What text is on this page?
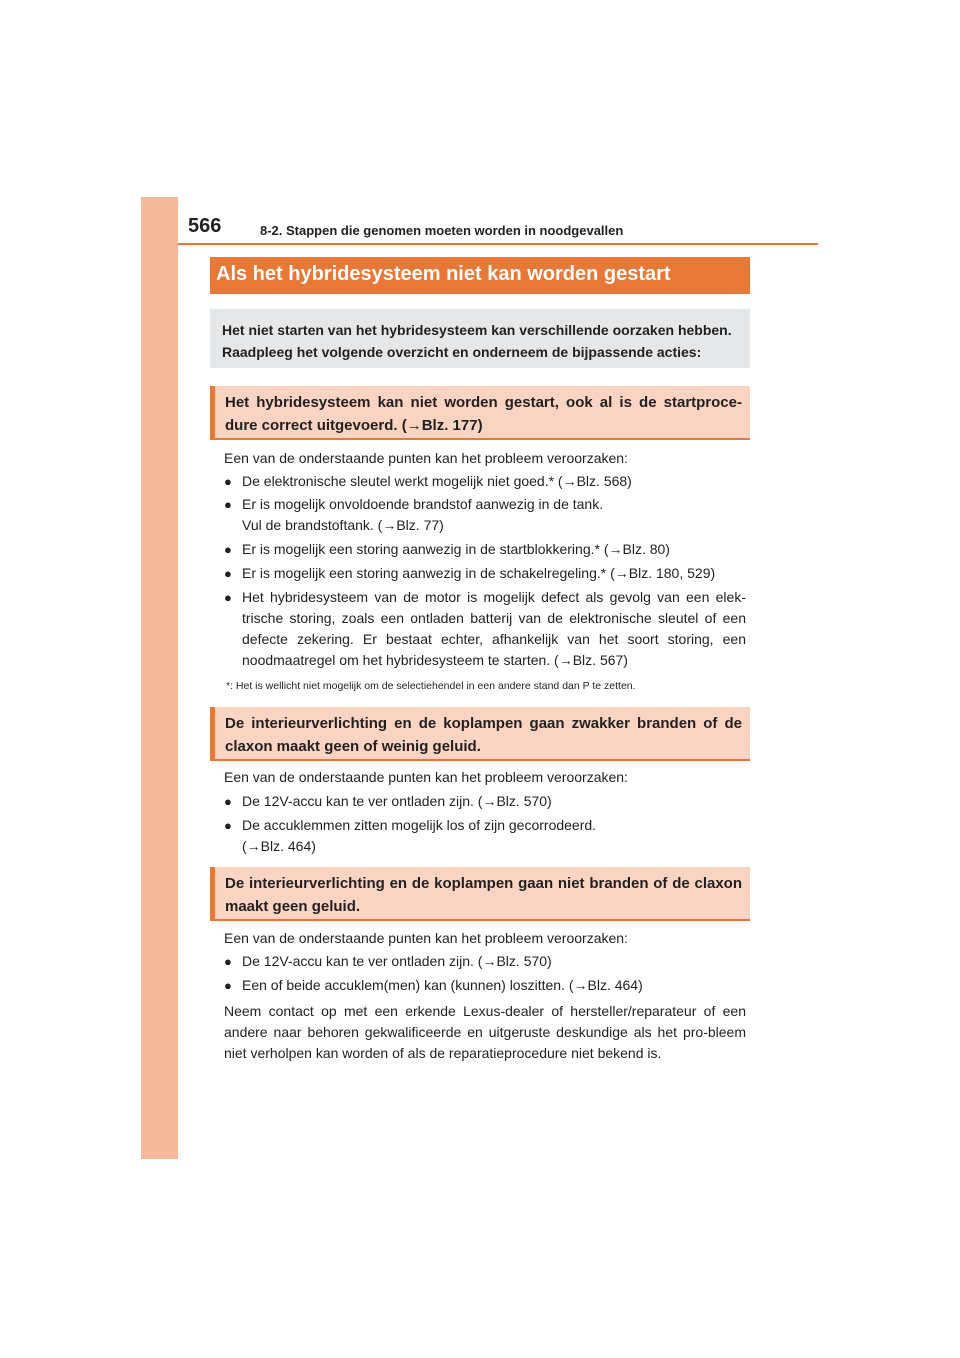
566	8-2. Stappen die genomen moeten worden in noodgevallen
Als het hybridesysteem niet kan worden gestart
Het niet starten van het hybridesysteem kan verschillende oorzaken hebben. Raadpleeg het volgende overzicht en onderneem de bijpassende acties:
Het hybridesysteem kan niet worden gestart, ook al is de startproce-dure correct uitgevoerd. (→Blz. 177)
Een van de onderstaande punten kan het probleem veroorzaken:
● De elektronische sleutel werkt mogelijk niet goed.* (→Blz. 568)
● Er is mogelijk onvoldoende brandstof aanwezig in de tank.
Vul de brandstoftank. (→Blz. 77)
● Er is mogelijk een storing aanwezig in de startblokkering.* (→Blz. 80)
● Er is mogelijk een storing aanwezig in de schakelregeling.* (→Blz. 180, 529)
● Het hybridesysteem van de motor is mogelijk defect als gevolg van een elek-trische storing, zoals een ontladen batterij van de elektronische sleutel of een defecte zekering. Er bestaat echter, afhankelijk van het soort storing, een noodmaatregel om het hybridesysteem te starten. (→Blz. 567)
*: Het is wellicht niet mogelijk om de selectiehendel in een andere stand dan P te zetten.
De interieurverlichting en de koplampen gaan zwakker branden of de claxon maakt geen of weinig geluid.
Een van de onderstaande punten kan het probleem veroorzaken:
● De 12V-accu kan te ver ontladen zijn. (→Blz. 570)
● De accuklemmen zitten mogelijk los of zijn gecorrodeerd.
(→Blz. 464)
De interieurverlichting en de koplampen gaan niet branden of de claxon maakt geen geluid.
Een van de onderstaande punten kan het probleem veroorzaken:
● De 12V-accu kan te ver ontladen zijn. (→Blz. 570)
● Een of beide accuklem(men) kan (kunnen) loszitten. (→Blz. 464)
Neem contact op met een erkende Lexus-dealer of hersteller/reparateur of een andere naar behoren gekwalificeerde en uitgeruste deskundige als het pro-bleem niet verholpen kan worden of als de reparatieprocedure niet bekend is.
